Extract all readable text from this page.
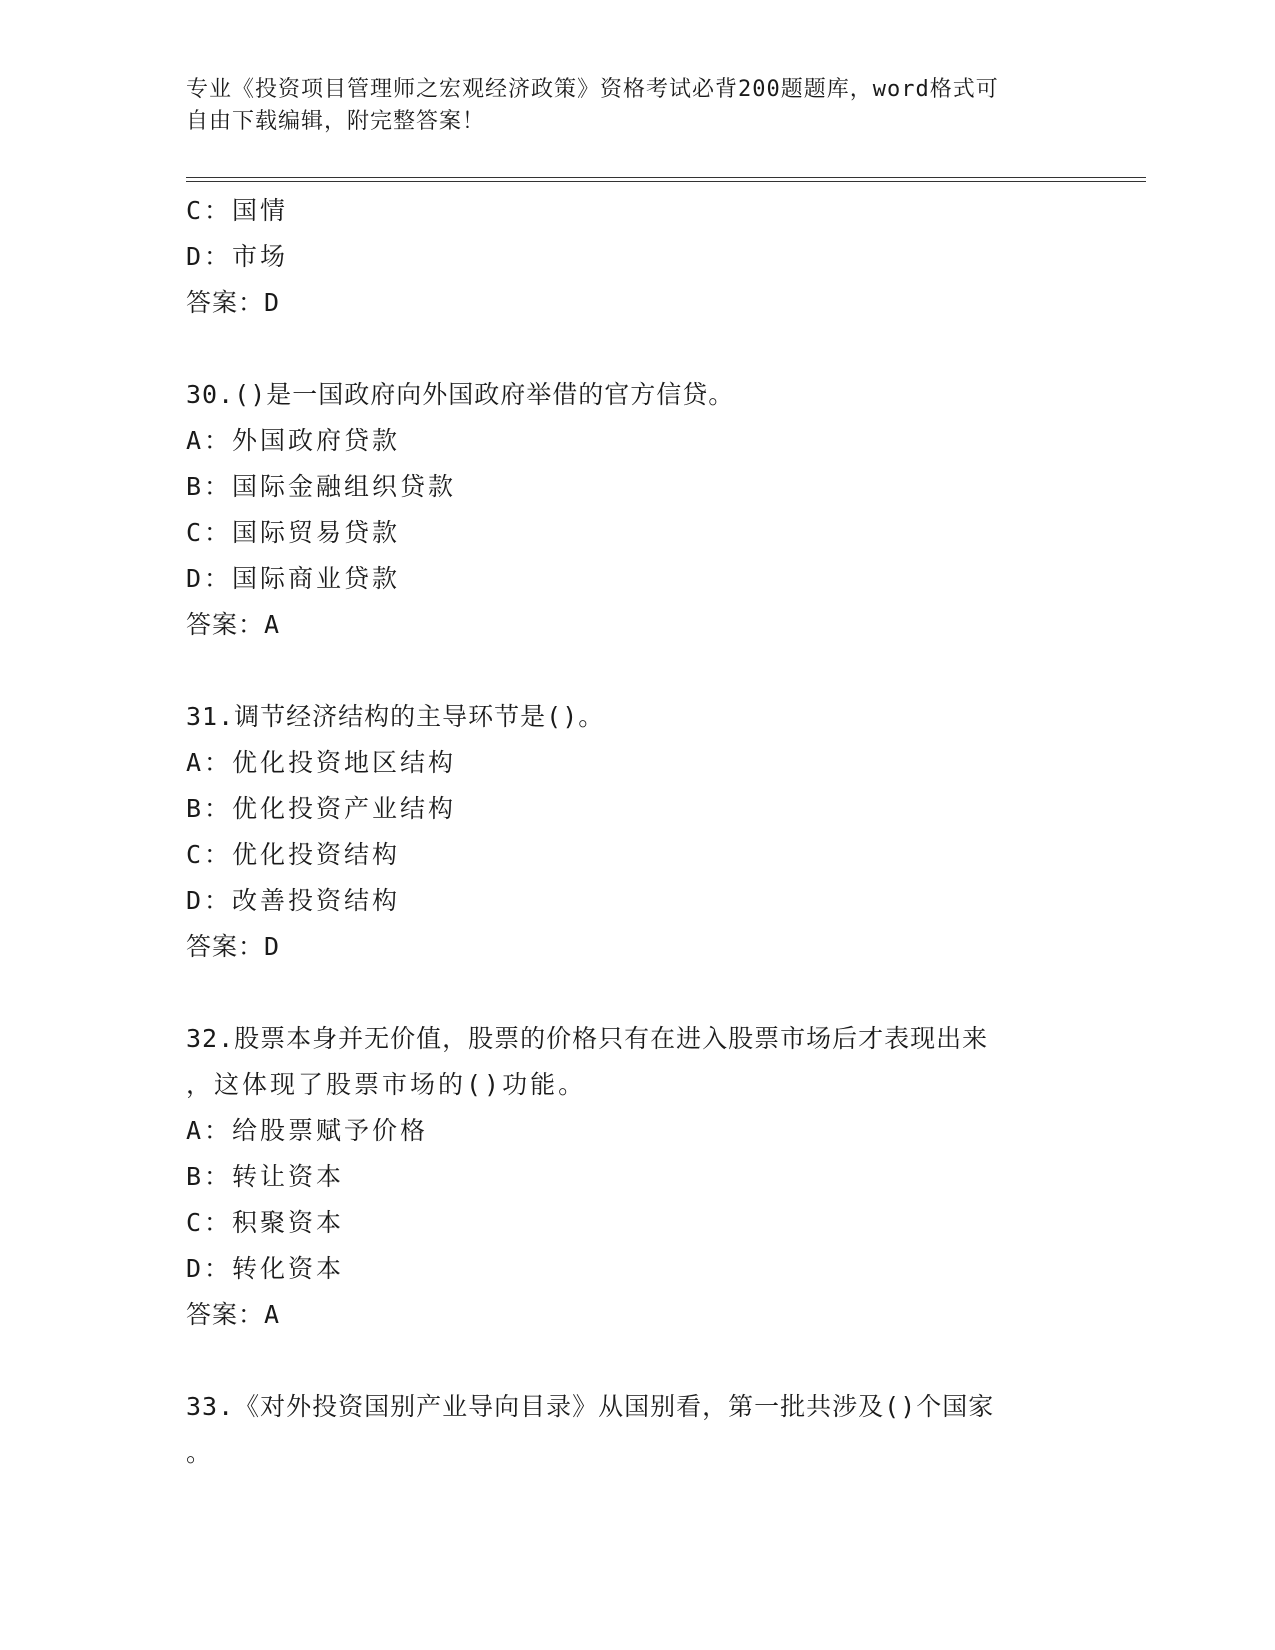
专业《投资项目管理师之宏观经济政策》资格考试必背200题题库，word格式可
自由下载编辑，附完整答案！
C：国情
D：市场
答案：D
30.()是一国政府向外国政府举借的官方信贷。
A：外国政府贷款
B：国际金融组织贷款
C：国际贸易贷款
D：国际商业贷款
答案：A
31.调节经济结构的主导环节是()。
A：优化投资地区结构
B：优化投资产业结构
C：优化投资结构
D：改善投资结构
答案：D
32.股票本身并无价值，股票的价格只有在进入股票市场后才表现出来
，这体现了股票市场的()功能。
A：给股票赋予价格
B：转让资本
C：积聚资本
D：转化资本
答案：A
33.《对外投资国别产业导向目录》从国别看，第一批共涉及()个国家
。
